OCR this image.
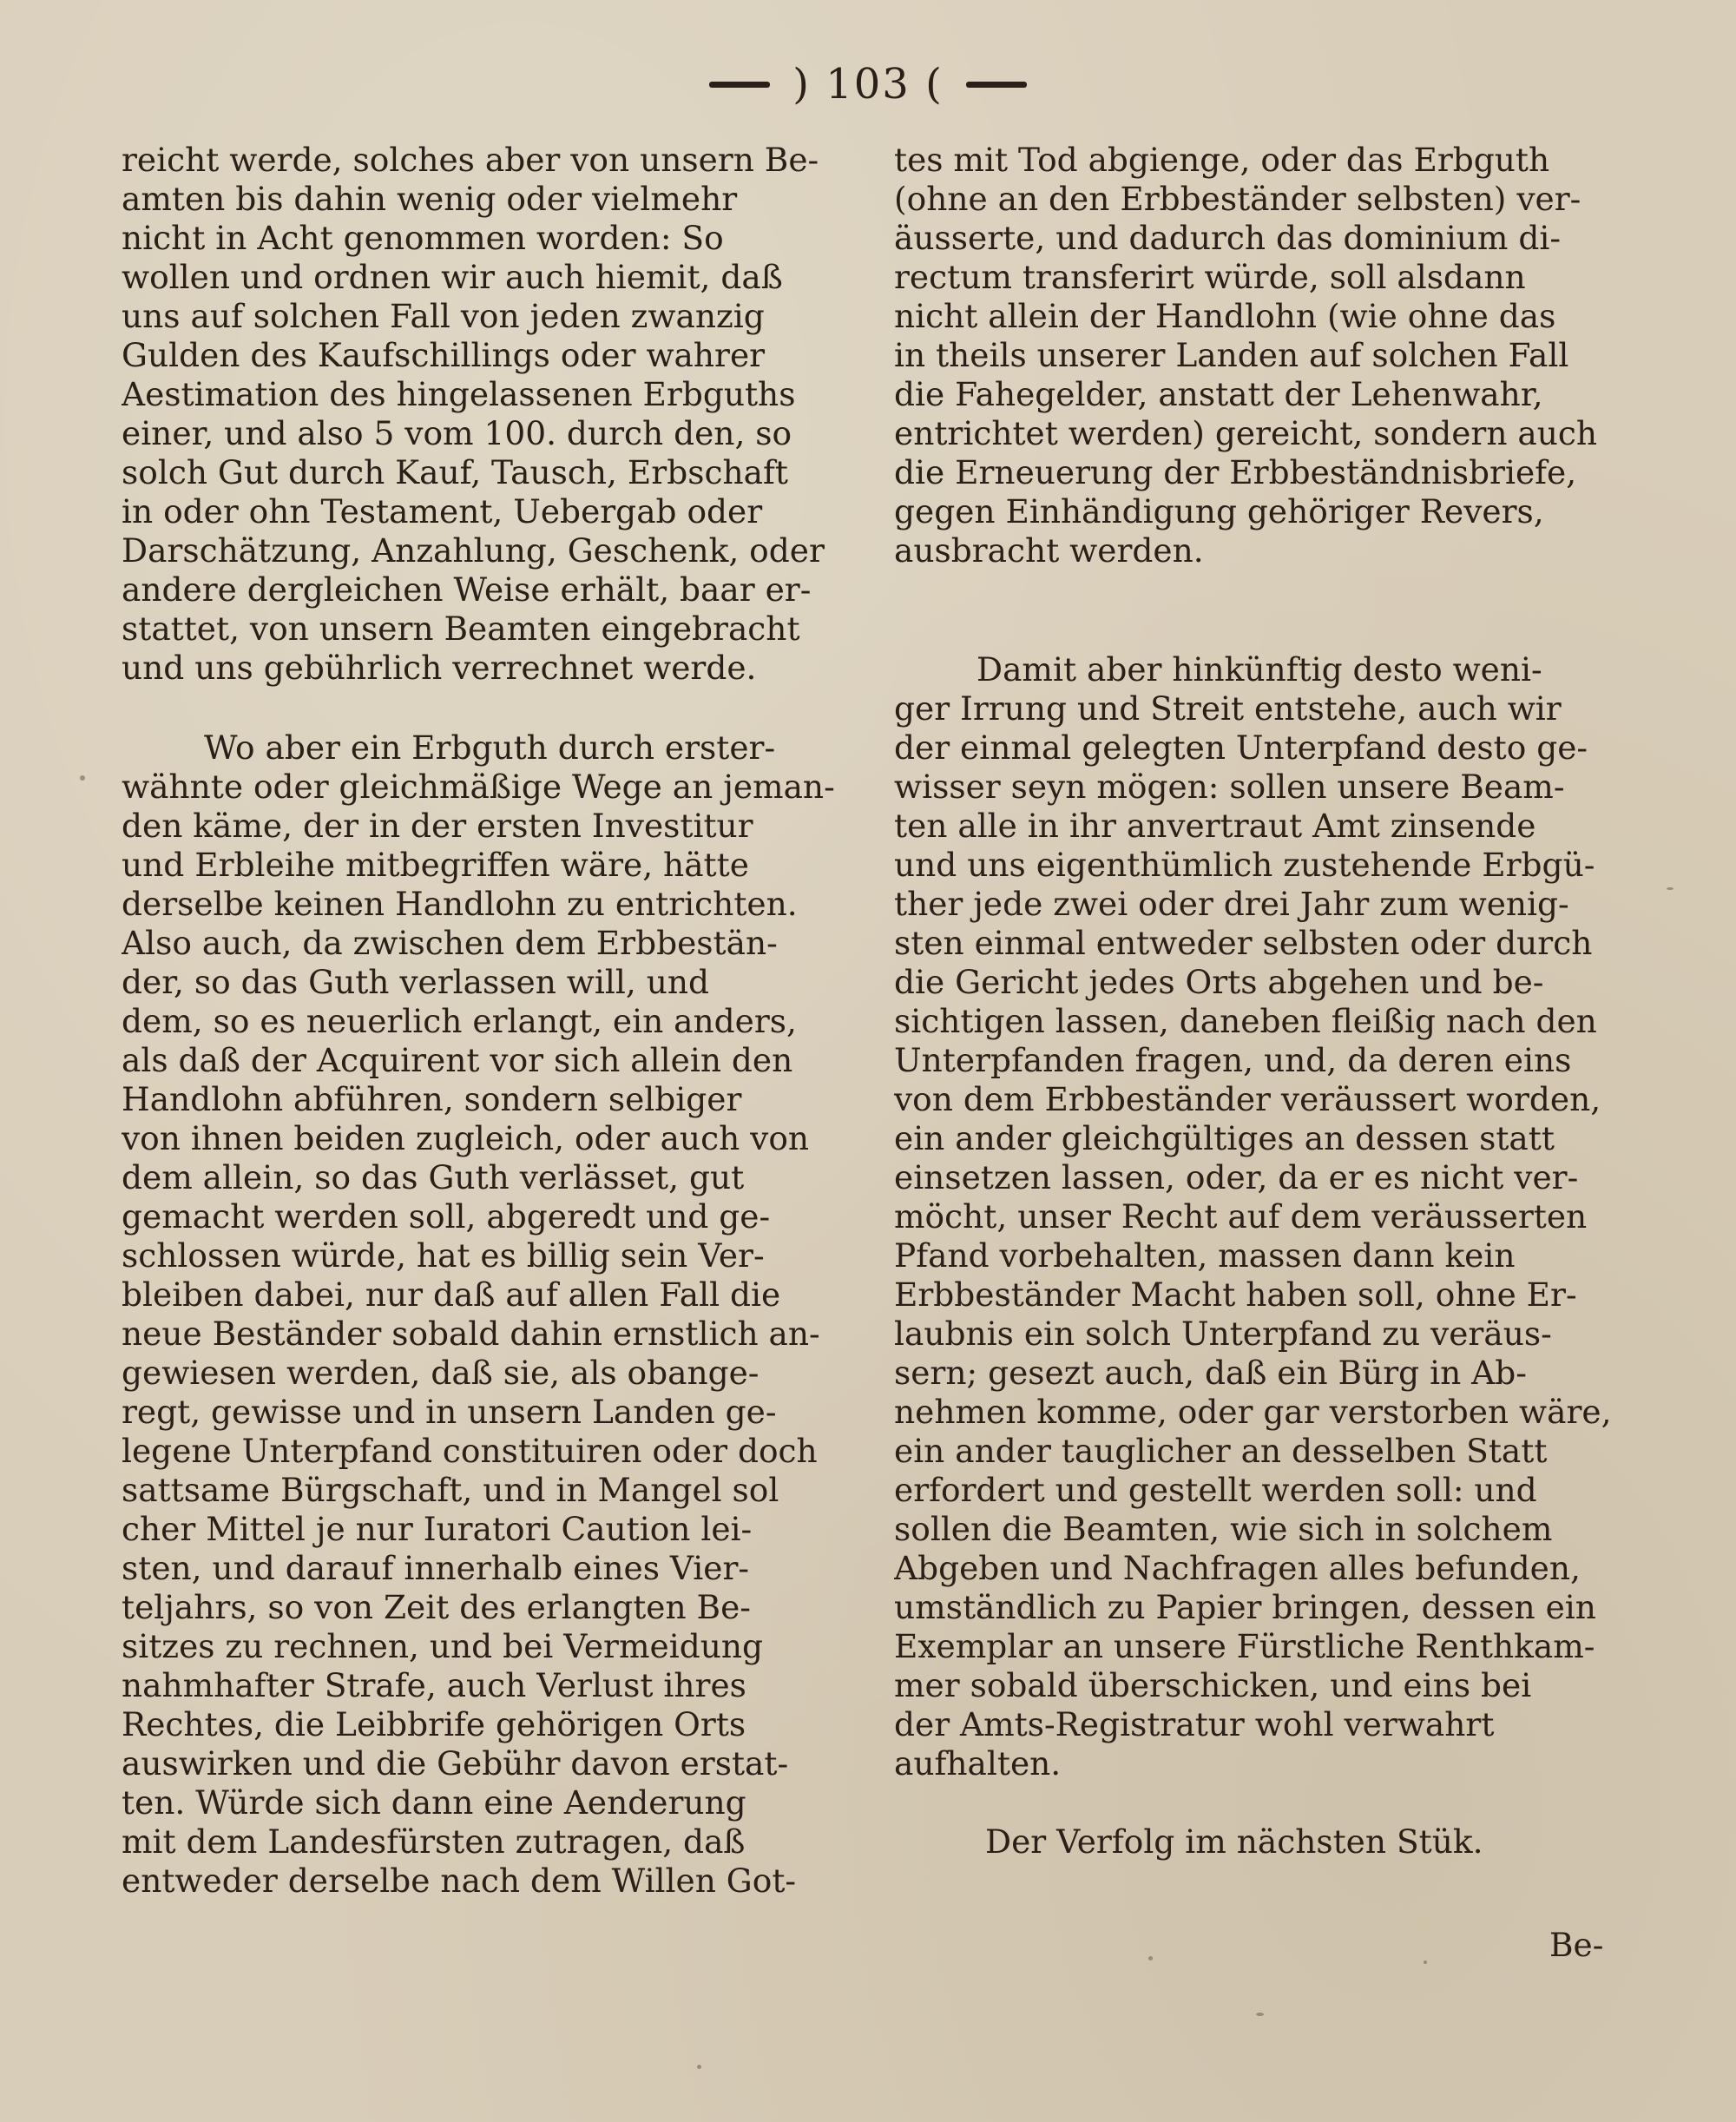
) 103 (
reicht werde, solches aber von unsern Be-
amten bis dahin wenig oder vielmehr
nicht in Acht genommen worden: So
wollen und ordnen wir auch hiemit, daß
uns auf solchen Fall von jeden zwanzig
Gulden des Kaufschillings oder wahrer
Aestimation des hingelassenen Erbguths
einer, und also 5 vom 100. durch den, so
solch Gut durch Kauf, Tausch, Erbschaft
in oder ohn Testament, Uebergab oder
Darschätzung, Anzahlung, Geschenk, oder
andere dergleichen Weise erhält, baar er-
stattet, von unsern Beamten eingebracht
und uns gebührlich verrechnet werde.
Wo aber ein Erbguth durch erster-
wähnte oder gleichmäßige Wege an jeman-
den käme, der in der ersten Investitur
und Erbleihe mitbegriffen wäre, hätte
derselbe keinen Handlohn zu entrichten.
Also auch, da zwischen dem Erbbestän-
der, so das Guth verlassen will, und
dem, so es neuerlich erlangt, ein anders,
als daß der Acquirent vor sich allein den
Handlohn abführen, sondern selbiger
von ihnen beiden zugleich, oder auch von
dem allein, so das Guth verlässet, gut
gemacht werden soll, abgeredt und ge-
schlossen würde, hat es billig sein Ver-
bleiben dabei, nur daß auf allen Fall die
neue Beständer sobald dahin ernstlich an-
gewiesen werden, daß sie, als obange-
regt, gewisse und in unsern Landen ge-
legene Unterpfand constituiren oder doch
sattsame Bürgschaft, und in Mangel sol
cher Mittel je nur Iuratori Caution lei-
sten, und darauf innerhalb eines Vier-
teljahrs, so von Zeit des erlangten Be-
sitzes zu rechnen, und bei Vermeidung
nahmhafter Strafe, auch Verlust ihres
Rechtes, die Leibbrife gehörigen Orts
auswirken und die Gebühr davon erstat-
ten. Würde sich dann eine Aenderung
mit dem Landesfürsten zutragen, daß
entweder derselbe nach dem Willen Got-
tes mit Tod abgienge, oder das Erbguth
(ohne an den Erbbeständer selbsten) ver-
äusserte, und dadurch das dominium di-
rectum transferirt würde, soll alsdann
nicht allein der Handlohn (wie ohne das
in theils unserer Landen auf solchen Fall
die Fahegelder, anstatt der Lehenwahr,
entrichtet werden) gereicht, sondern auch
die Erneuerung der Erbbeständnisbriefe,
gegen Einhändigung gehöriger Revers,
ausbracht werden.
Damit aber hinkünftig desto weni-
ger Irrung und Streit entstehe, auch wir
der einmal gelegten Unterpfand desto ge-
wisser seyn mögen: sollen unsere Beam-
ten alle in ihr anvertraut Amt zinsende
und uns eigenthümlich zustehende Erbgü-
ther jede zwei oder drei Jahr zum wenig-
sten einmal entweder selbsten oder durch
die Gericht jedes Orts abgehen und be-
sichtigen lassen, daneben fleißig nach den
Unterpfanden fragen, und, da deren eins
von dem Erbbeständer veräussert worden,
ein ander gleichgültiges an dessen statt
einsetzen lassen, oder, da er es nicht ver-
möcht, unser Recht auf dem veräusserten
Pfand vorbehalten, massen dann kein
Erbbeständer Macht haben soll, ohne Er-
laubnis ein solch Unterpfand zu veräus-
sern; gesezt auch, daß ein Bürg in Ab-
nehmen komme, oder gar verstorben wäre,
ein ander tauglicher an desselben Statt
erfordert und gestellt werden soll: und
sollen die Beamten, wie sich in solchem
Abgeben und Nachfragen alles befunden,
umständlich zu Papier bringen, dessen ein
Exemplar an unsere Fürstliche Renthkam-
mer sobald überschicken, und eins bei
der Amts-Registratur wohl verwahrt
aufhalten.
Der Verfolg im nächsten Stük.
Be-
